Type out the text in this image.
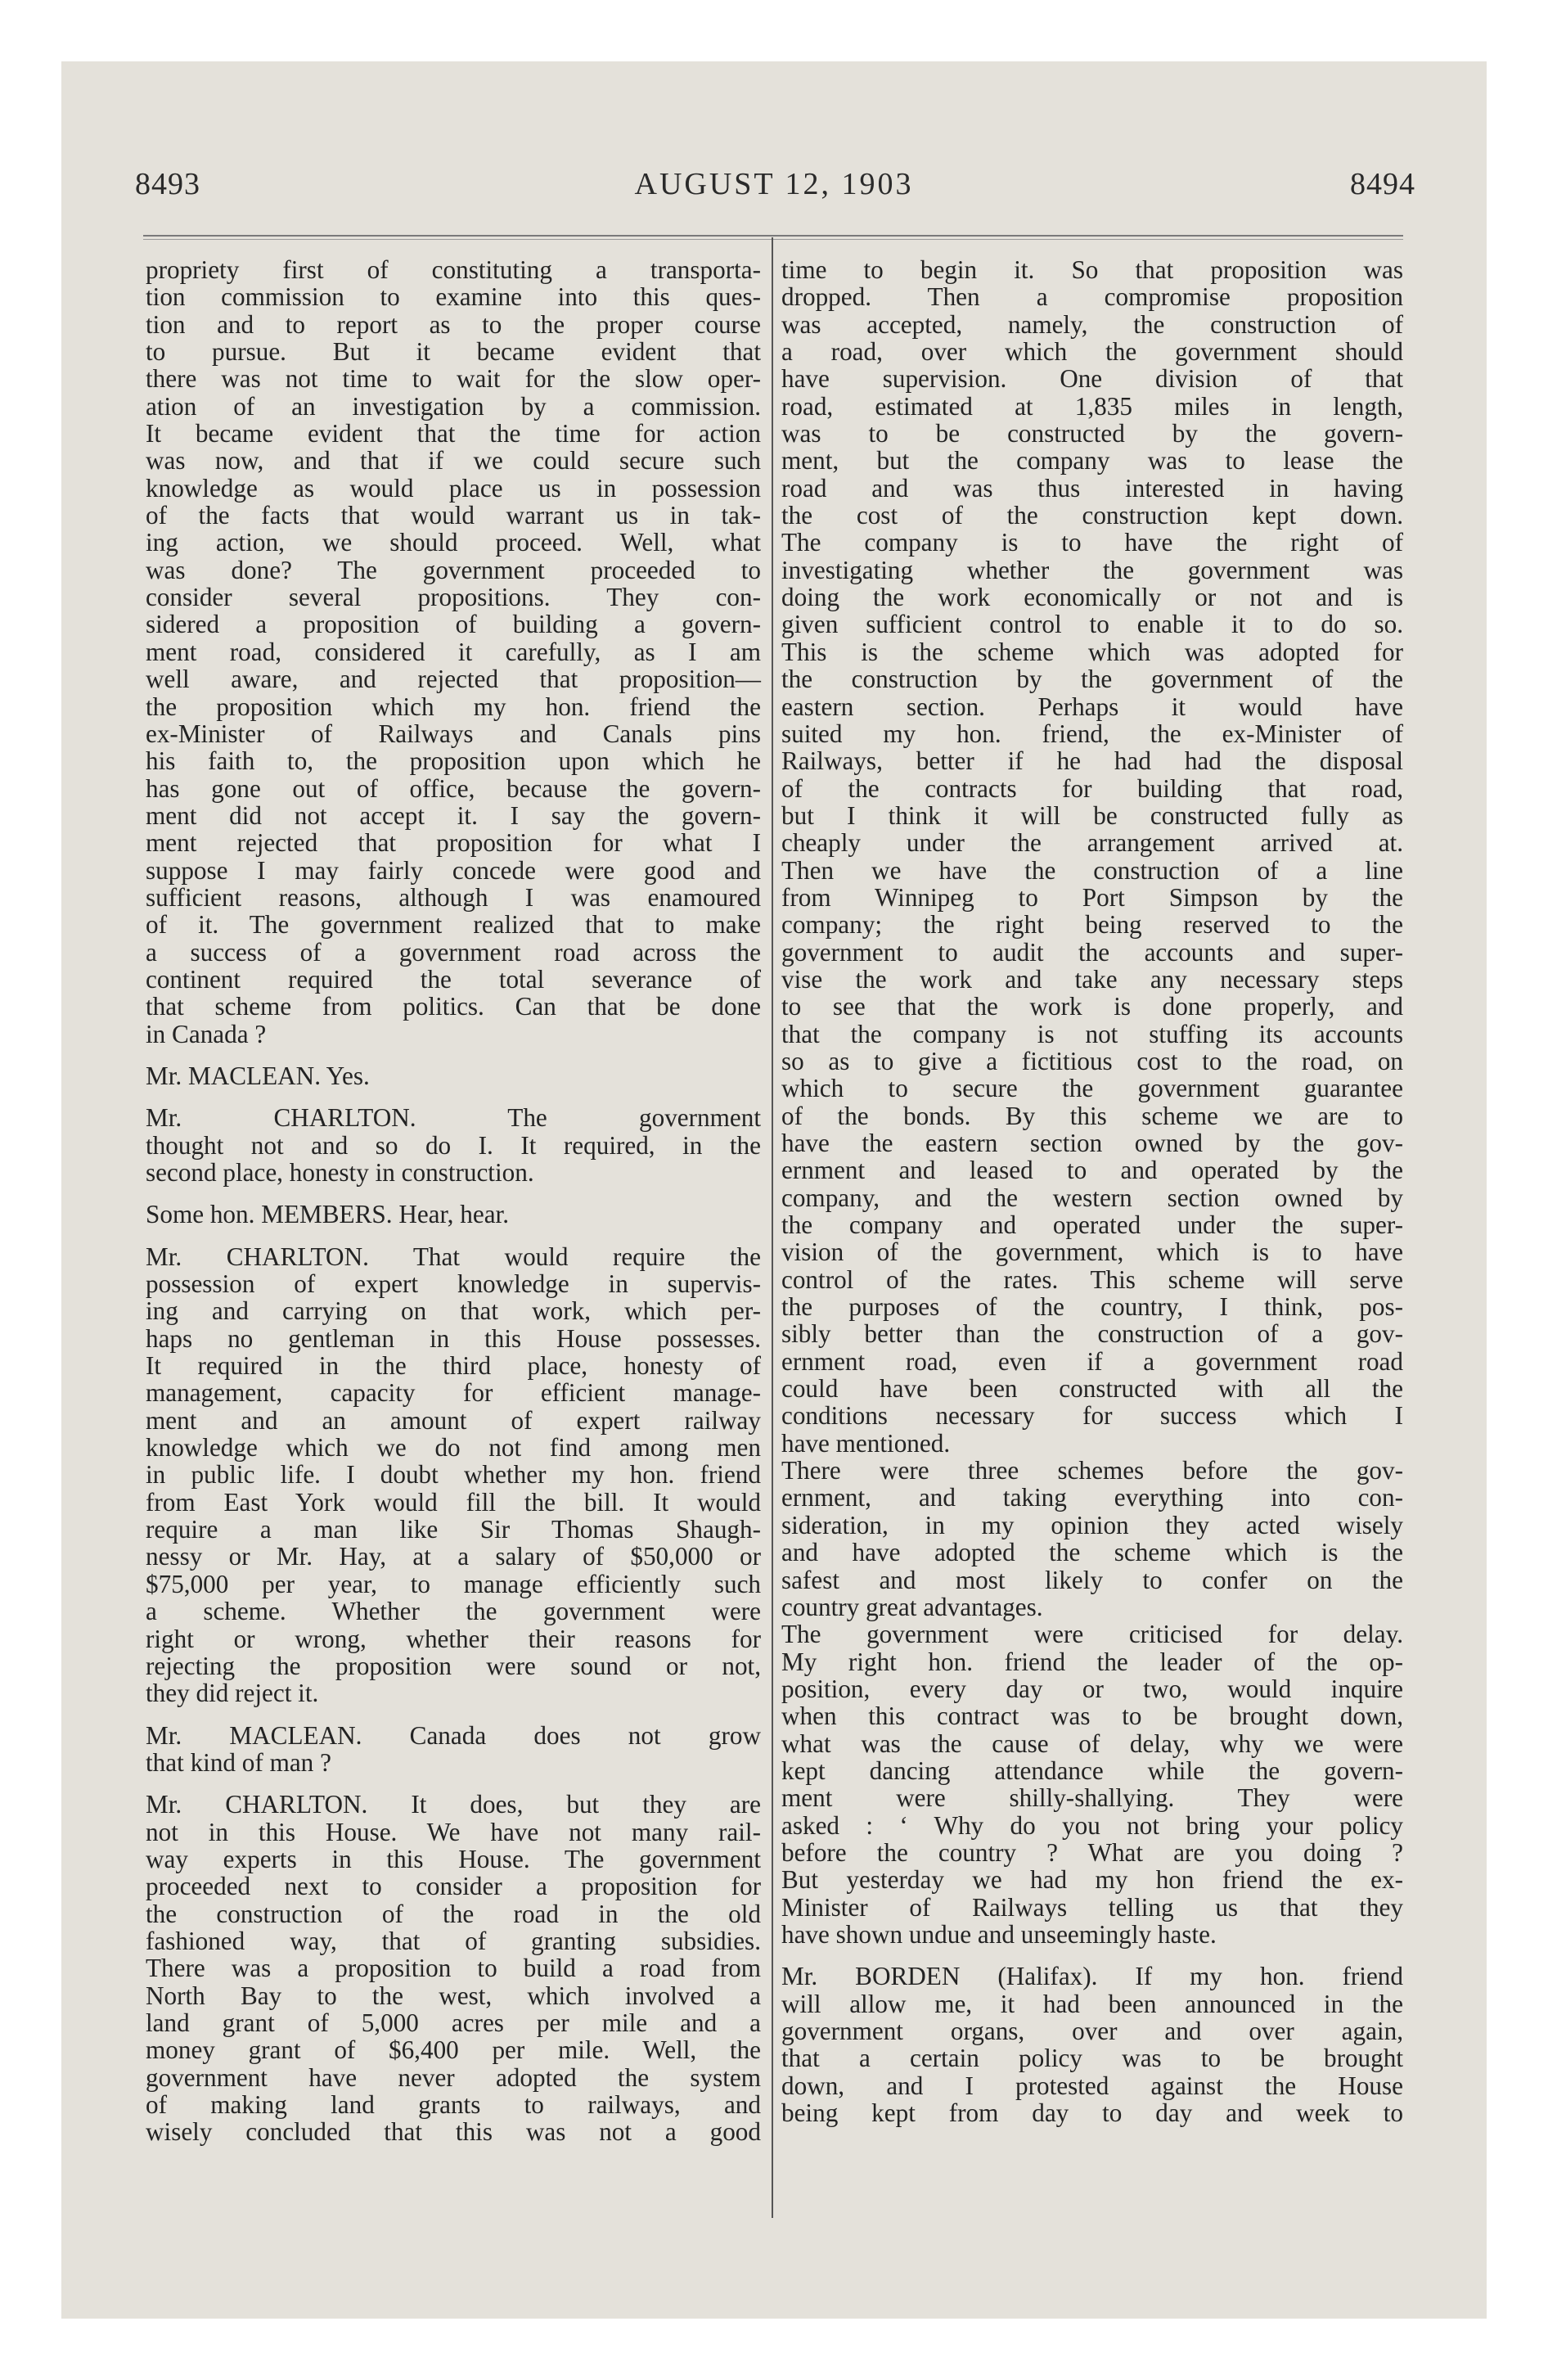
AUGUST 12, 1903
8493	8494
propriety first of constituting a transporta-
tion commission to examine into this ques-
tion and to report as to the proper course
to pursue. But it became evident that
there was not time to wait for the slow oper-
ation of an investigation by a commission.
It became evident that the time for action
was now, and that if we could secure such
knowledge as would place us in possession
of the facts that would warrant us in tak-
ing action, we should proceed. Well, what
was done? The government proceeded to
consider several propositions. They con-
sidered a proposition of building a govern-
ment road, considered it carefully, as I am
well aware, and rejected that proposition—
the proposition which my hon. friend the
ex-Minister of Railways and Canals pins
his faith to, the proposition upon which he
has gone out of office, because the govern-
ment did not accept it. I say the govern-
ment rejected that proposition for what I
suppose I may fairly concede were good and
sufficient reasons, although I was enamoured
of it. The government realized that to make
a success of a government road across the
continent required the total severance of
that scheme from politics. Can that be done
in Canada ?
Mr. MACLEAN. Yes.
Mr. CHARLTON. The government
thought not and so do I. It required, in the
second place, honesty in construction.
Some hon. MEMBERS. Hear, hear.
Mr. CHARLTON. That would require the
possession of expert knowledge in supervis-
ing and carrying on that work, which per-
haps no gentleman in this House possesses.
It required in the third place, honesty of
management, capacity for efficient manage-
ment and an amount of expert railway
knowledge which we do not find among men
in public life. I doubt whether my hon. friend
from East York would fill the bill. It would
require a man like Sir Thomas Shaugh-
nessy or Mr. Hay, at a salary of $50,000 or
$75,000 per year, to manage efficiently such
a scheme. Whether the government were
right or wrong, whether their reasons for
rejecting the proposition were sound or not,
they did reject it.
Mr. MACLEAN. Canada does not grow
that kind of man ?
Mr. CHARLTON. It does, but they are
not in this House. We have not many rail-
way experts in this House. The government
proceeded next to consider a proposition for
the construction of the road in the old
fashioned way, that of granting subsidies.
There was a proposition to build a road from
North Bay to the west, which involved a
land grant of 5,000 acres per mile and a
money grant of $6,400 per mile. Well, the
government have never adopted the system
of making land grants to railways, and
wisely concluded that this was not a good
time to begin it. So that proposition was
dropped. Then a compromise proposition
was accepted, namely, the construction of
a road, over which the government should
have supervision. One division of that
road, estimated at 1,835 miles in length,
was to be constructed by the govern-
ment, but the company was to lease the
road and was thus interested in having
the cost of the construction kept down.
The company is to have the right of
investigating whether the government was
doing the work economically or not and is
given sufficient control to enable it to do so.
This is the scheme which was adopted for
the construction by the government of the
eastern section. Perhaps it would have
suited my hon. friend, the ex-Minister of
Railways, better if he had had the disposal
of the contracts for building that road,
but I think it will be constructed fully as
cheaply under the arrangement arrived at.
Then we have the construction of a line
from Winnipeg to Port Simpson by the
company; the right being reserved to the
government to audit the accounts and super-
vise the work and take any necessary steps
to see that the work is done properly, and
that the company is not stuffing its accounts
so as to give a fictitious cost to the road, on
which to secure the government guarantee
of the bonds. By this scheme we are to
have the eastern section owned by the gov-
ernment and leased to and operated by the
company, and the western section owned by
the company and operated under the super-
vision of the government, which is to have
control of the rates. This scheme will serve
the purposes of the country, I think, pos-
sibly better than the construction of a gov-
ernment road, even if a government road
could have been constructed with all the
conditions necessary for success which I
have mentioned.
There were three schemes before the gov-
ernment, and taking everything into con-
sideration, in my opinion they acted wisely
and have adopted the scheme which is the
safest and most likely to confer on the
country great advantages.
The government were criticised for delay.
My right hon. friend the leader of the op-
position, every day or two, would inquire
when this contract was to be brought down,
what was the cause of delay, why we were
kept dancing attendance while the govern-
ment were shilly-shallying. They were
asked : ‘ Why do you not bring your policy
before the country ? What are you doing ?
But yesterday we had my hon friend the ex-
Minister of Railways telling us that they
have shown undue and unseemingly haste.
Mr. BORDEN (Halifax). If my hon. friend
will allow me, it had been announced in the
government organs, over and over again,
that a certain policy was to be brought
down, and I protested against the House
being kept from day to day and week to
